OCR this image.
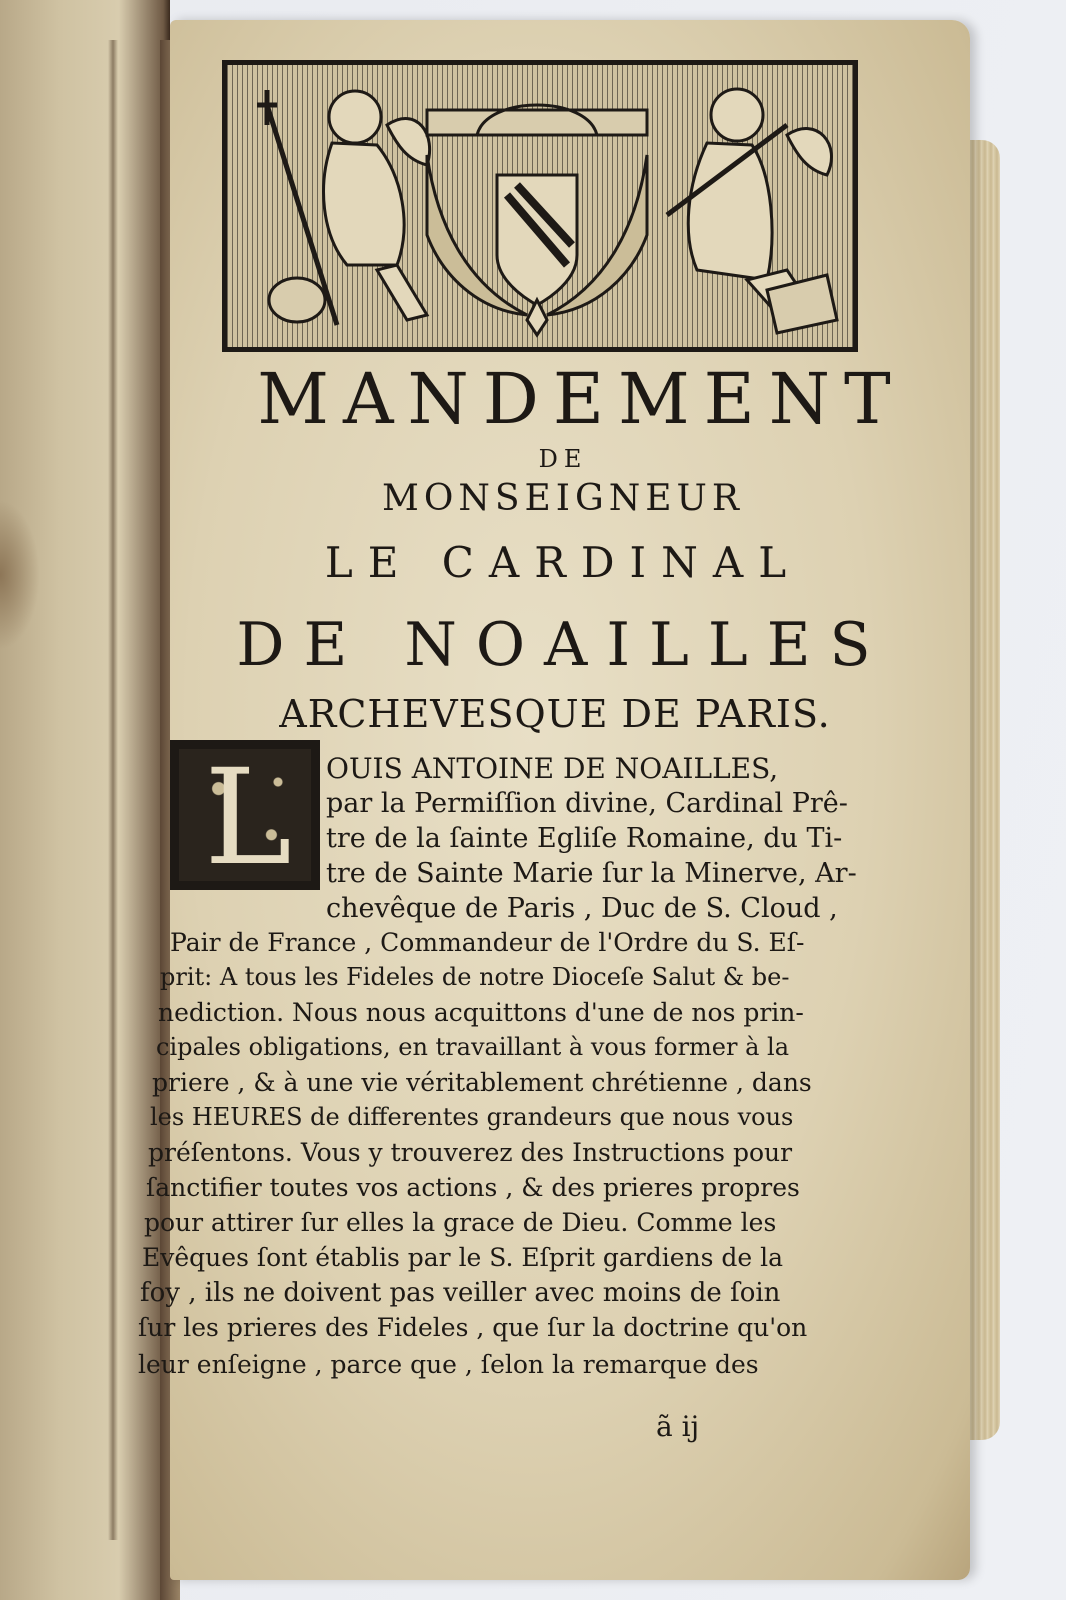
MANDEMENT
DE
MONSEIGNEUR
LE CARDINAL
DE NOAILLES
ARCHEVESQUE DE PARIS.
L	OUIS ANTOINE DE NOAILLES,
par la Permiſſion divine, Cardinal Prê-
tre de la ſainte Egliſe Romaine, du Ti-
tre de Sainte Marie ſur la Minerve, Ar-
chevêque de Paris , Duc de S. Cloud ,
Pair de France , Commandeur de l'Ordre du S. Eſ-
prit: A tous les Fideles de notre Dioceſe Salut & be-
nediction. Nous nous acquittons d'une de nos prin-
cipales obligations, en travaillant à vous former à la
priere , & à une vie véritablement chrétienne , dans
les HEURES de differentes grandeurs que nous vous
préſentons. Vous y trouverez des Instructions pour
ſanctifier toutes vos actions , & des prieres propres
pour attirer ſur elles la grace de Dieu. Comme les
Evêques ſont établis par le S. Eſprit gardiens de la
foy , ils ne doivent pas veiller avec moins de ſoin
ſur les prieres des Fideles , que ſur la doctrine qu'on
leur enſeigne , parce que , ſelon la remarque des
ã ij
